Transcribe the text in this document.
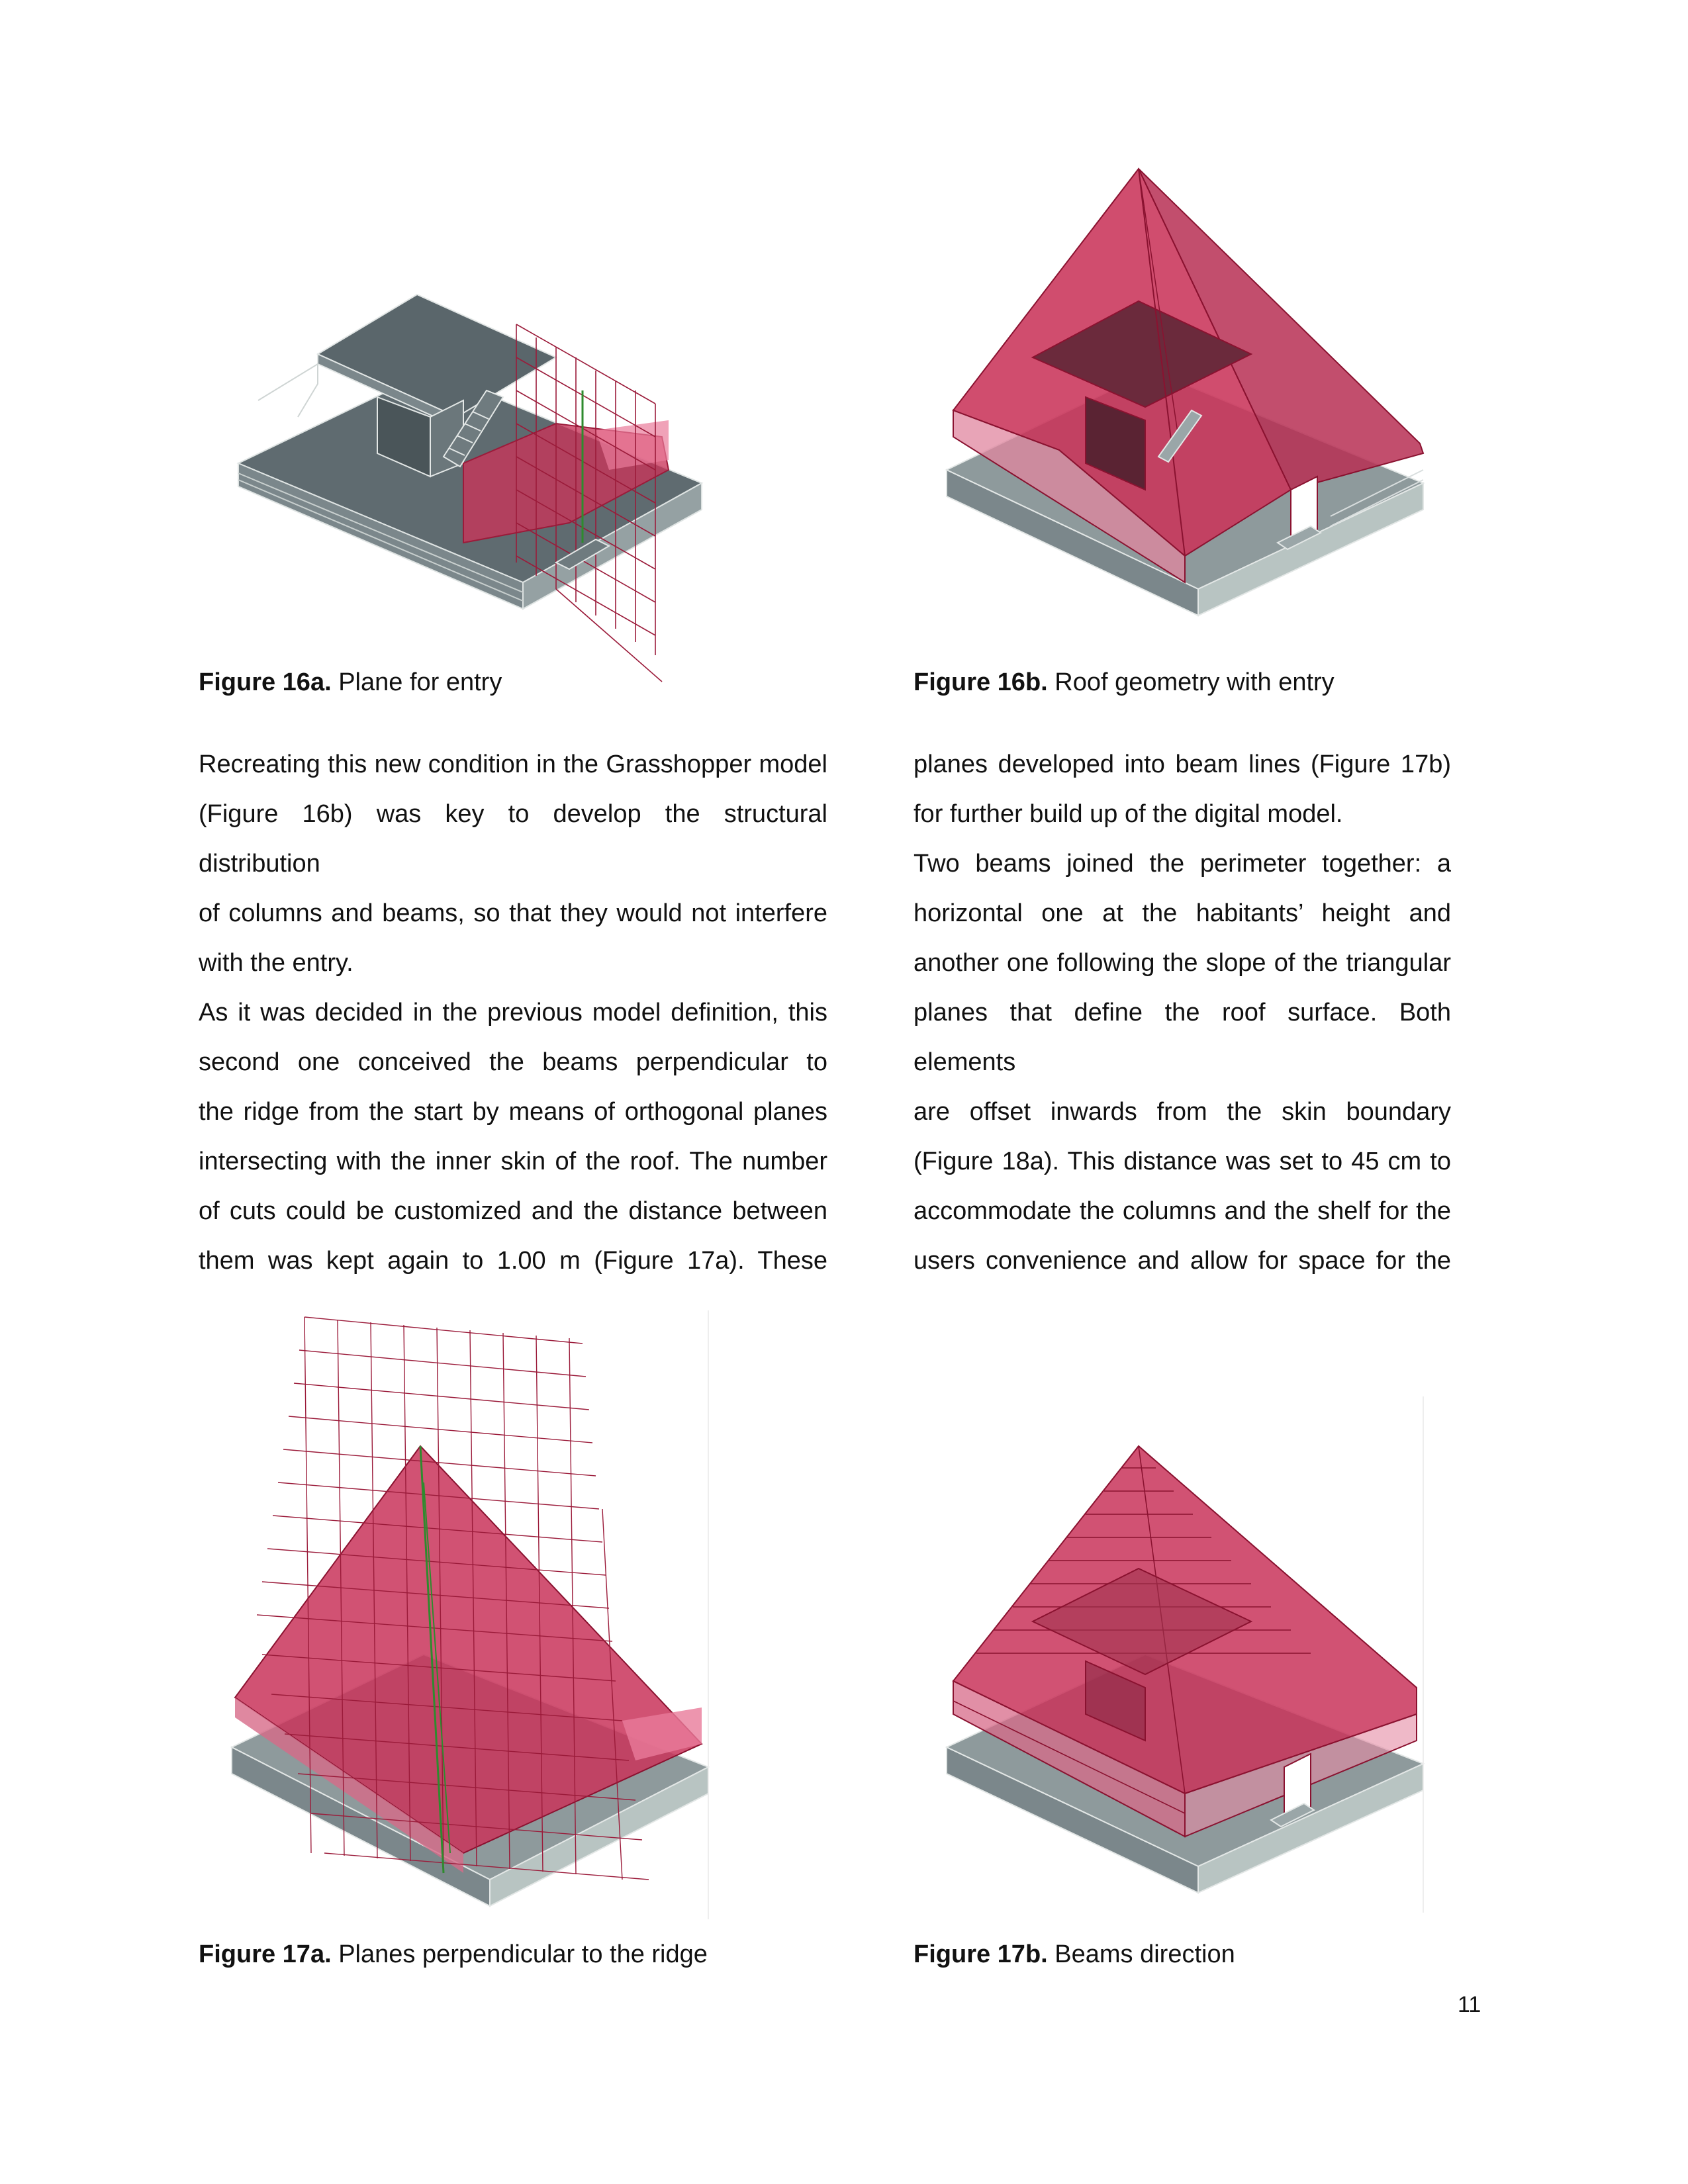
Figure 16a. Plane for entry	Figure 16b. Roof geometry with entry
Figure 17a. Planes perpendicular to the ridge	Figure 17b. Beams direction

Recreating this new condition in the Grasshopper model

(Figure 16b) was key to develop the structural distribution

of columns and beams, so that they would not interfere

with the entry.

As it was decided in the previous model definition, this

second one conceived the beams perpendicular to

the ridge from the start by means of orthogonal planes

intersecting with the inner skin of the roof. The number

of cuts could be customized and the distance between

them was kept again to 1.00 m (Figure 17a). These

planes developed into beam lines (Figure 17b)

for further build up of the digital model.

Two beams joined the perimeter together: a

horizontal one at the habitants’ height and

another one following the slope of the triangular

planes that define the roof surface. Both elements

are offset inwards from the skin boundary

(Figure 18a). This distance was set to 45 cm to

accommodate the columns and the shelf for the

users convenience and allow for space for the

11
